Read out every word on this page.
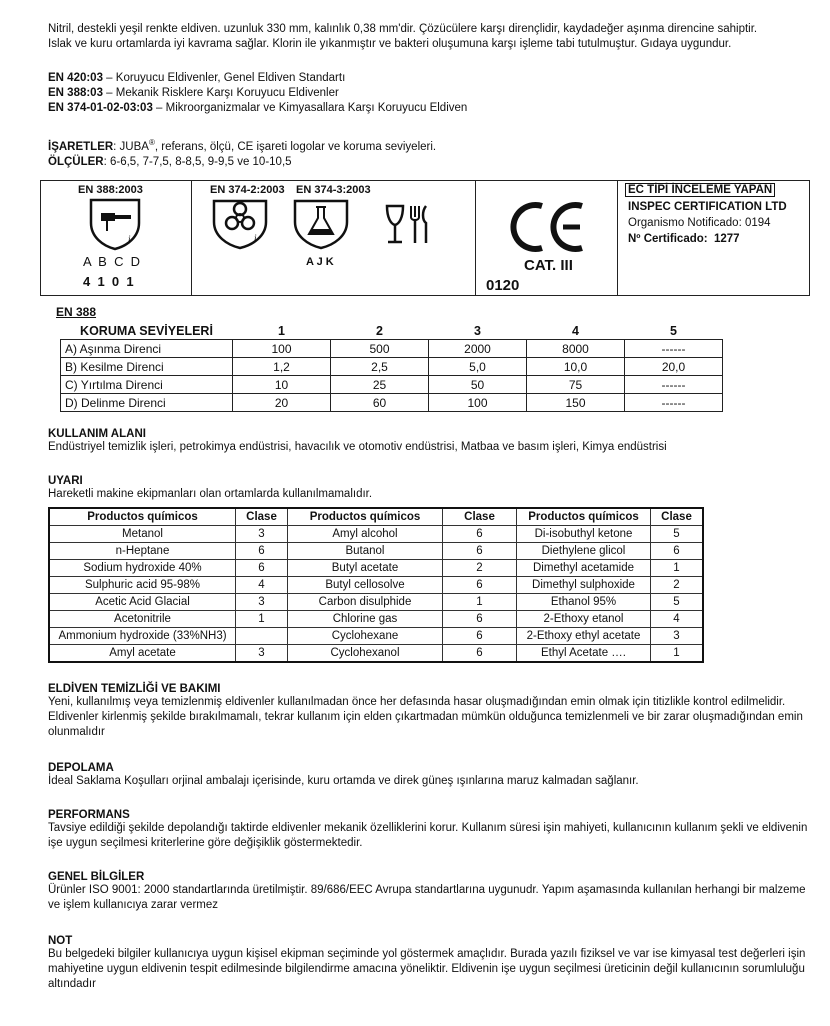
Nitril, destekli yeşil renkte eldiven. uzunluk 330 mm, kalınlık 0,38 mm'dir. Çözücülere karşı dirençlidir, kaydadeğer aşınma direncine sahiptir.

Islak ve kuru ortamlarda iyi kavrama sağlar. Klorin ile yıkanmıştır ve bakteri oluşumuna karşı işleme tabi tutulmuştur. Gıdaya uygundur.

EN 420:03 – Koruyucu Eldivenler, Genel Eldiven Standartı

EN 388:03 – Mekanik Risklere Karşı Koruyucu Eldivenler

EN 374-01-02-03:03 – Mikroorganizmalar ve Kimyasallara Karşı Koruyucu Eldiven

İŞARETLER: JUBA®, referans, ölçü, CE işareti logolar ve koruma seviyeleri.

ÖLÇÜLER: 6-6,5, 7-7,5, 8-8,5, 9-9,5 ve 10-10,5

EN 388:2003
i
A  B  C  D
4  1  0  1
EN 374-2:2003 EN 374-3:2003
i
A J K	CAT. III
0120
EC TİPİ İNCELEME YAPAN
INSPEC CERTIFICATION LTD
Organismo Notificado: 0194
Nº Certificado: 1277
EN 388
KORUMA SEVİYELERİ	1	2	3	4	5
A) Aşınma Direnci	100	500	2000	8000	------
B) Kesilme Direnci	1,2	2,5	5,0	10,0	20,0
C) Yırtılma Direnci	10	25	50	75	------
D) Delinme Direnci	20	60	100	150	------
KULLANIM ALANI

Endüstriyel temizlik işleri, petrokimya endüstrisi, havacılık ve otomotiv endüstrisi, Matbaa ve basım işleri, Kimya endüstrisi

UYARI

Hareketli makine ekipmanları olan ortamlarda kullanılmamalıdır.

Productos químicos	Clase	Productos químicos	Clase	Productos químicos	Clase
Metanol	3	Amyl alcohol	6	Di-isobuthyl ketone	5
n-Heptane	6	Butanol	6	Diethylene glicol	6
Sodium hydroxide 40%	6	Butyl acetate	2	Dimethyl acetamide	1
Sulphuric acid 95-98%	4	Butyl cellosolve	6	Dimethyl sulphoxide	2
Acetic Acid Glacial	3	Carbon disulphide	1	Ethanol 95%	5
Acetonitrile	1	Chlorine gas	6	2-Ethoxy etanol	4
Ammonium hydroxide (33%NH3)		Cyclohexane	6	2-Ethoxy ethyl acetate	3
Amyl acetate	3	Cyclohexanol	6	Ethyl Acetate ….	1
ELDİVEN TEMİZLİĞİ VE BAKIMI

Yeni, kullanılmış veya temizlenmiş eldivenler kullanılmadan önce her defasında hasar oluşmadığından emin olmak için titizlikle kontrol edilmelidir.

Eldivenler kirlenmiş şekilde bırakılmamalı, tekrar kullanım için elden çıkartmadan mümkün olduğunca temizlenmeli ve bir zarar oluşmadığından emin

olunmalıdır

DEPOLAMA

İdeal Saklama Koşulları orjinal ambalajı içerisinde, kuru ortamda ve direk güneş ışınlarına maruz kalmadan sağlanır.

PERFORMANS

Tavsiye edildiği şekilde depolandığı taktirde eldivenler mekanik özelliklerini korur. Kullanım süresi işin mahiyeti, kullanıcının kullanım şekli ve eldivenin

işe uygun seçilmesi kriterlerine göre değişiklik göstermektedir.

GENEL BİLGİLER

Ürünler ISO 9001: 2000 standartlarında üretilmiştir. 89/686/EEC Avrupa standartlarına uygunudr. Yapım aşamasında kullanılan herhangi bir malzeme

ve işlem kullanıcıya zarar vermez

NOT

Bu belgedeki bilgiler kullanıcıya uygun kişisel ekipman seçiminde yol göstermek amaçlıdır. Burada yazılı fiziksel ve var ise kimyasal test değerleri işin

mahiyetine uygun eldivenin tespit edilmesinde bilgilendirme amacına yöneliktir. Eldivenin işe uygun seçilmesi üreticinin değil kullanıcının sorumluluğu

altındadır
